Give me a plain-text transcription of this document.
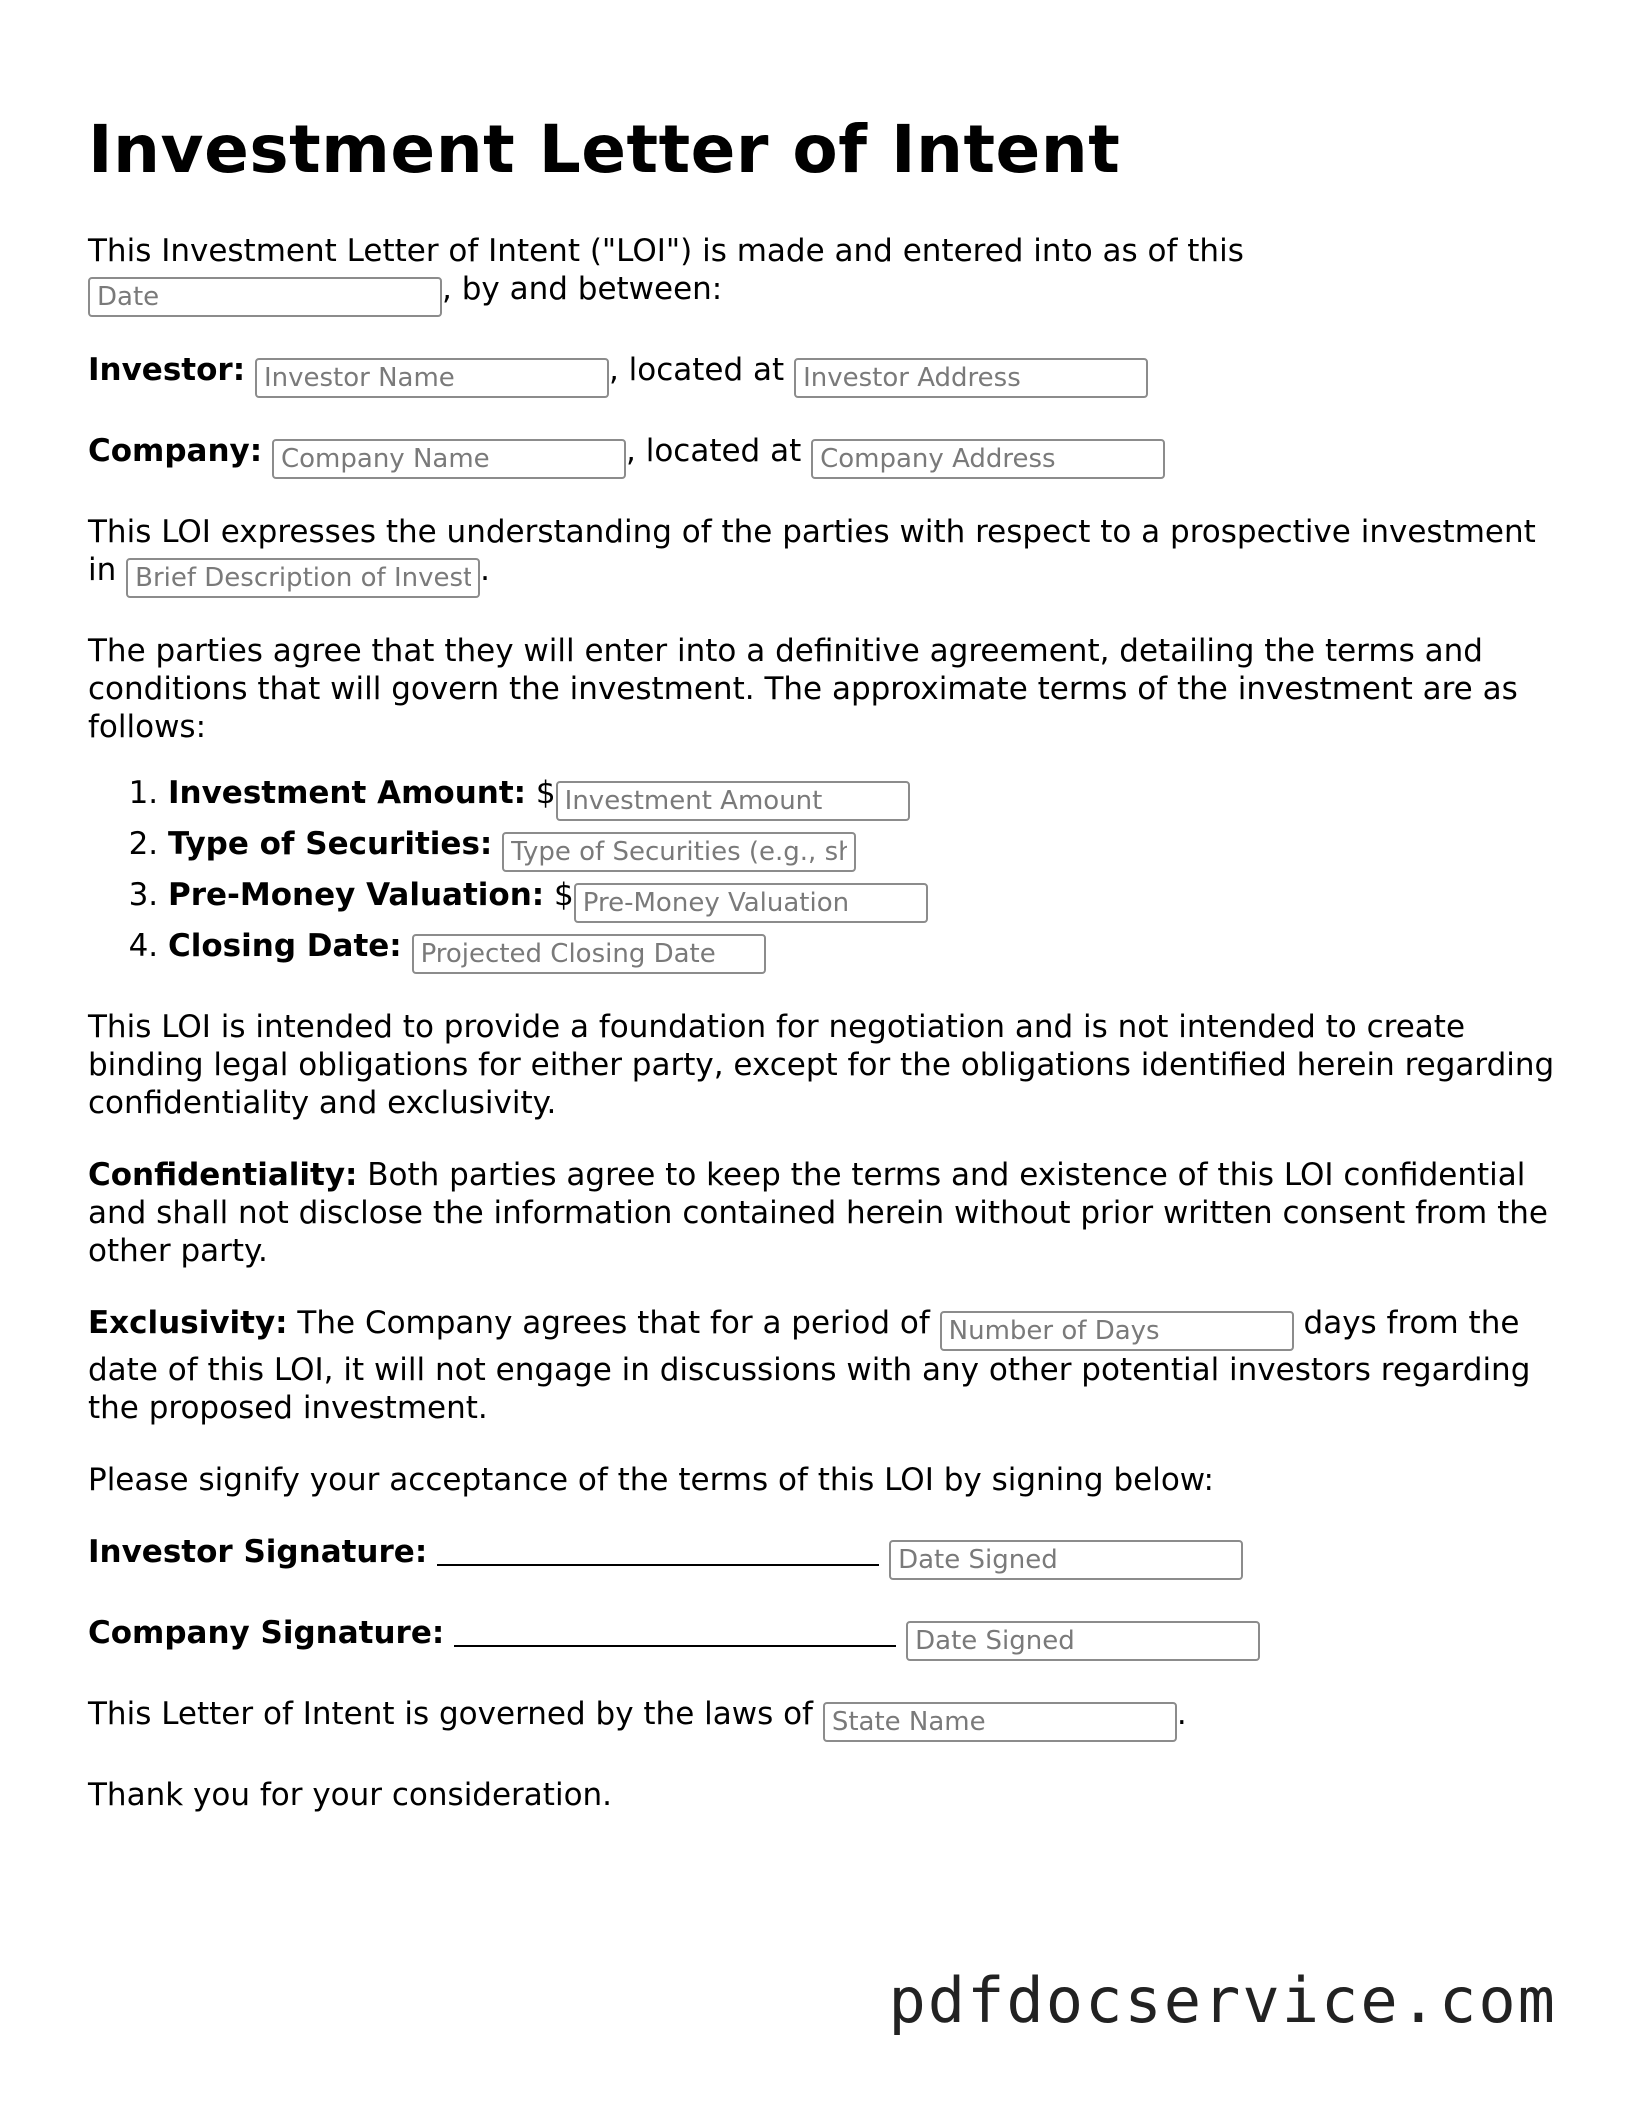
Investment Letter of Intent

This Investment Letter of Intent ("LOI") is made and entered into as of this
Date, by and between:

Investor: Investor Name	, located at Investor Address

Company: Company Name	, located at Company Address

This LOI expresses the understanding of the parties with respect to a prospective investment in Brief Description of Invest	.

The parties agree that they will enter into a definitive agreement, detailing the terms and conditions that will govern the investment. The approximate terms of the investment are as follows:

1. Investment Amount: $Investment Amount
2. Type of Securities: Type of Securities (e.g., sh
3. Pre-Money Valuation: $Pre-Money Valuation
4. Closing Date: Projected Closing Date

This LOI is intended to provide a foundation for negotiation and is not intended to create binding legal obligations for either party, except for the obligations identified herein regarding confidentiality and exclusivity.

Confidentiality: Both parties agree to keep the terms and existence of this LOI confidential and shall not disclose the information contained herein without prior written consent from the other party.

Exclusivity: The Company agrees that for a period of Number of Days	days from the date of this LOI, it will not engage in discussions with any other potential investors regarding the proposed investment.

Please signify your acceptance of the terms of this LOI by signing below:

Investor Signature: Date Signed

Company Signature: Date Signed

This Letter of Intent is governed by the laws of State Name	.

Thank you for your consideration.

pdfdocservice.com
